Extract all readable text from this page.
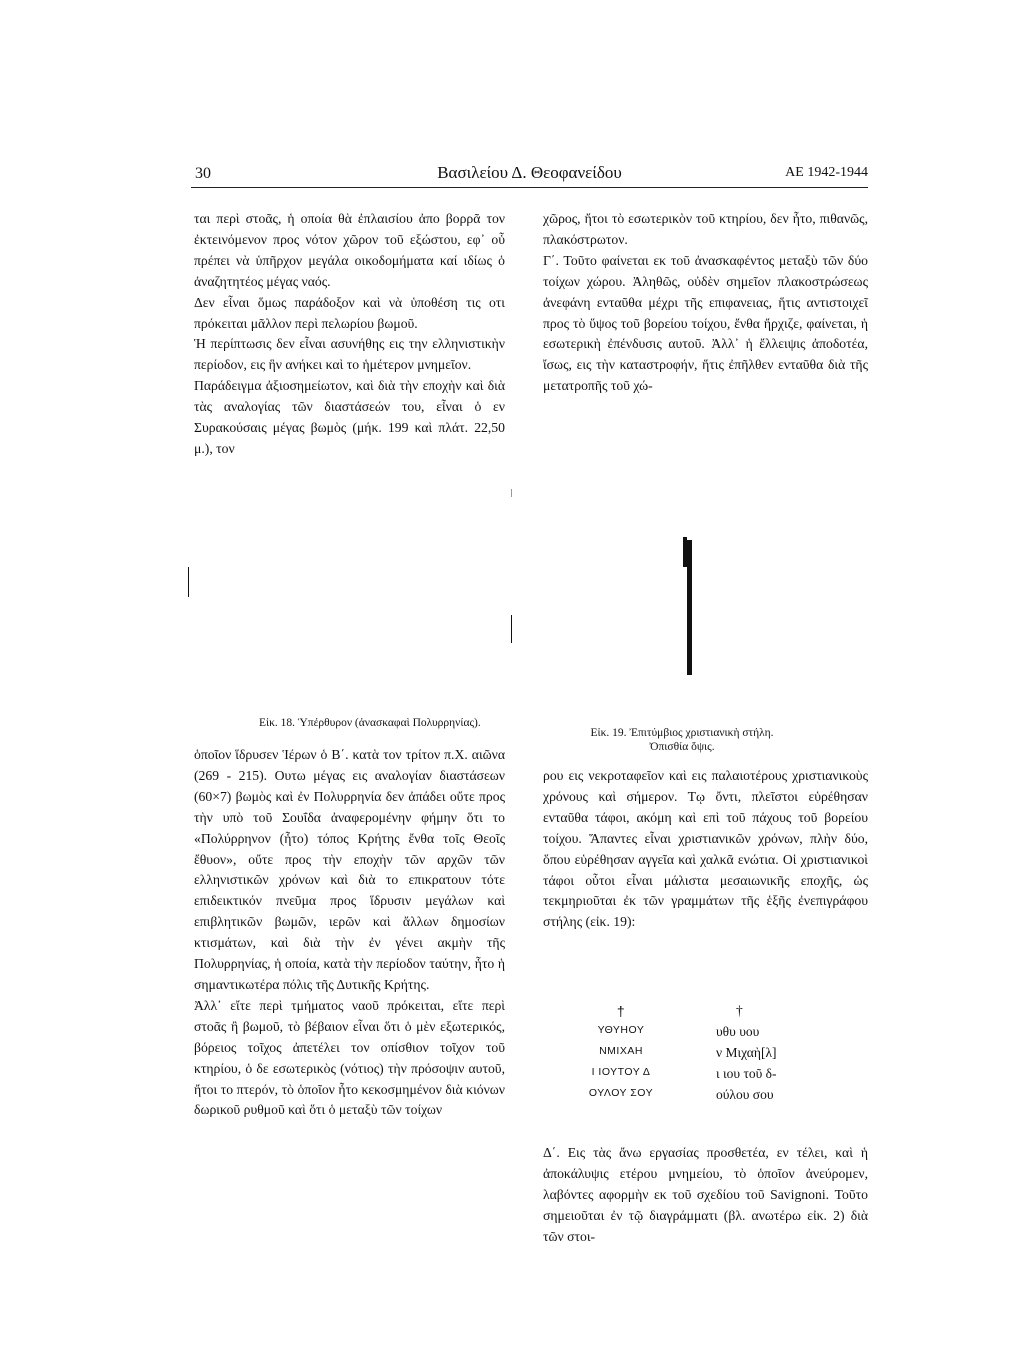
30	Βασιλείου Δ. Θεοφανείδου	ΑΕ 1942-1944

ται περὶ στοᾶς, ἡ οποία θὰ ἐπλαισίου ἀπο βορρᾶ τον ἐκτεινόμενον προς νότον χῶρον τοῦ εξώστου, εφ᾽ οὗ πρέπει νὰ ὑπῆρχον μεγάλα οικοδομήματα καί ιδίως ὁ ἀναζητητέος μέγας ναός.

Δεν εἶναι ὅμως παράδοξον καὶ νὰ ὑποθέση τις οτι πρόκειται μᾶλλον περὶ πελωρίου βωμοῦ.

Ἡ περίπτωσις δεν εἶναι ασυνήθης εις την ελληνιστικὴν περίοδον, εις ἣν ανήκει καὶ το ἡμέτερον μνημεῖον.

Παράδειγμα ἀξιοσημείωτον, καὶ διὰ τὴν εποχὴν καὶ διὰ τὰς αναλογίας τῶν διαστάσεών του, εἶναι ὁ εν Συρακούσαις μέγας βωμὸς (μήκ. 199 καὶ πλάτ. 22,50 μ.), τον

χῶρος, ἤτοι τὸ εσωτερικὸν τοῦ κτηρίου, δεν ἦτο, πιθανῶς, πλακόστρωτον.

Γ΄. Τοῦτο φαίνεται εκ τοῦ ἀνασκαφέντος μεταξὺ τῶν δύο τοίχων χώρου. Ἀληθῶς, οὐδὲν σημεῖον πλακοστρώσεως ἀνεφάνη ενταῦθα μέχρι τῆς επιφανειας, ἥτις αντιστοιχεῖ προς τὸ ὕψος τοῦ βορείου τοίχου, ἔνθα ἤρχιζε, φαίνεται, ἡ εσωτερικὴ ἐπένδυσις αυτοῦ. Ἀλλ᾽ ἡ ἔλλειψις ἀποδοτέα, ἴσως, εις τὴν καταστροφήν, ἥτις ἐπῆλθεν ενταῦθα διὰ τῆς μετατροπῆς τοῦ χώ-

Εἰκ. 18. Ὑπέρθυρον (ἀνασκαφαὶ Πολυρρηνίας).
Εἰκ. 19. Ἐπιτύμβιος χριστιανικὴ στήλη.
Ὀπισθία ὄψις.

ὁποῖον ἵδρυσεν Ἱέρων ὁ Β΄. κατὰ τον τρίτον π.Χ. αιῶνα (269 - 215). Ουτω μέγας εις αναλογίαν διαστάσεων (60×7) βωμὸς καὶ ἐν Πολυρρηνία δεν ἀπάδει οὔτε προς τὴν υπὸ τοῦ Σουΐδα ἀναφερομένην φήμην ὅτι το «Πολύρρηνον (ἦτο) τόπος Κρήτης ἔνθα τοῖς Θεοῖς ἔθυον», οὔτε προς τὴν εποχὴν τῶν αρχῶν τῶν ελληνιστικῶν χρόνων καὶ διὰ το επικρατουν τότε επιδεικτικόν πνεῦμα προς ἵδρυσιν μεγάλων καὶ επιβλητικῶν βωμῶν, ιερῶν καὶ ἄλλων δημοσίων κτισμάτων, καὶ διὰ τὴν ἐν γένει ακμὴν τῆς Πολυρρηνίας, ἡ οποία, κατὰ τὴν περίοδον ταύτην, ἦτο ἡ σημαντικωτέρα πόλις τῆς Δυτικῆς Κρήτης.

Ἀλλ᾽ εἴτε περὶ τμήματος ναοῦ πρόκειται, εἴτε περὶ στοᾶς ἢ βωμοῦ, τὸ βέβαιον εἶναι ὅτι ὁ μὲν εξωτερικός, βόρειος τοῖχος ἀπετέλει τον οπίσθιον τοῖχον τοῦ κτηρίου, ὁ δε εσωτερικὸς (νότιος) τὴν πρόσοψιν αυτοῦ, ἤτοι το πτερόν, τὸ ὁποῖον ἦτο κεκοσμημένον διὰ κιόνων δωρικοῦ ρυθμοῦ καὶ ὅτι ὁ μεταξὺ τῶν τοίχων

ρου εις νεκροταφεῖον καὶ εις παλαιοτέρους χριστιανικοὺς χρόνους καὶ σήμερον. Τῳ ὄντι, πλεῖστοι εὑρέθησαν ενταῦθα τάφοι, ακόμη καὶ επὶ τοῦ πάχους τοῦ βορείου τοίχου. Ἅπαντες εἶναι χριστιανικῶν χρόνων, πλὴν δύο, ὅπου εὑρέθησαν αγγεῖα καὶ χαλκᾶ ενώτια. Οἱ χριστιανικοὶ τάφοι οὗτοι εἶναι μάλιστα μεσαιωνικῆς εποχῆς, ὡς τεκμηριοῦται ἐκ τῶν γραμμάτων τῆς ἑξῆς ἐνεπιγράφου στήλης (εἰκ. 19):

†	†
ΥΘΥΗΟΥ	υθυ υου
ΝΜΙΧΑΗ	ν Μιχαὴ[λ]
Ι ΙΟΥΤΟΥ Δ	ι ιου τοῦ δ-
ΟΥΛΟΥ ΣΟΥ	ούλου σου

Δ΄. Εις τὰς ἄνω εργασίας προσθετέα, εν τέλει, καὶ ἡ ἀποκάλυψις ετέρου μνημείου, τὸ ὁποῖον ἀνεύρομεν, λαβόντες αφορμὴν εκ τοῦ σχεδίου τοῦ Savignoni. Τοῦτο σημειοῦται ἐν τῷ διαγράμματι (βλ. ανωτέρω εἰκ. 2) διὰ τῶν στοι-
